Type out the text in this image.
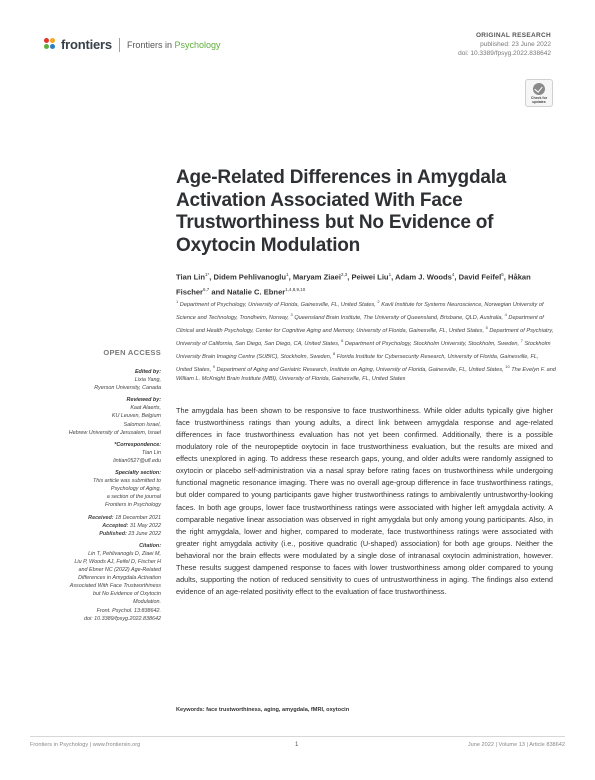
frontiers Frontiers in Psychology
ORIGINAL RESEARCH
published: 23 June 2022
doi: 10.3389/fpsyg.2022.838642
Check for updates
Age-Related Differences in Amygdala Activation Associated With Face Trustworthiness but No Evidence of Oxytocin Modulation
Tian Lin$^{1*}$, Didem Pehlivanoglu$^1$, Maryam Ziaei$^{2,3}$, Peiwei Liu$^1$, Adam J. Woods$^4$, David Feifel$^5$, Håkan Fischer$^{6,7}$ and Natalie C. Ebner$^{1,4,8,9,10}$
$^1$ Department of Psychology, University of Florida, Gainesville, FL, United States, $^2$ Kavli Institute for Systems Neuroscience, Norwegian University of Science and Technology, Trondheim, Norway, $^3$ Queensland Brain Institute, The University of Queensland, Brisbane, QLD, Australia, $^4$ Department of Clinical and Health Psychology, Center for Cognitive Aging and Memory, University of Florida, Gainesville, FL, United States, $^5$ Department of Psychiatry, University of California, San Diego, San Diego, CA, United States, $^6$ Department of Psychology, Stockholm University, Stockholm, Sweden, $^7$ Stockholm University Brain Imaging Centre (SUBIC), Stockholm, Sweden, $^8$ Florida Institute for Cybersecurity Research, University of Florida, Gainesville, FL, United States, $^9$ Department of Aging and Geriatric Research, Institute on Aging, University of Florida, Gainesville, FL, United States, $^{10}$ The Evelyn F. and William L. McKnight Brain Institute (MBI), University of Florida, Gainesville, FL, United States
OPEN ACCESS
Edited by:
Lixia Yang,
Ryerson University, Canada
Reviewed by:
Kaat Alaerts,
KU Leuven, Belgium
Salomon Israel,
Hebrew University of Jerusalem, Israel
*Correspondence:
Tian Lin
lintian0527@ufl.edu
Specialty section:
This article was submitted to
Psychology of Aging,
a section of the journal
Frontiers in Psychology
Received: 18 December 2021
Accepted: 31 May 2022
Published: 23 June 2022
Citation:
Lin T, Pehlivanoglu D, Ziaei M,
Liu P, Woods AJ, Feifel D, Fischer H
and Ebner NC (2022) Age-Related
Differences in Amygdala Activation
Associated With Face Trustworthiness
but No Evidence of Oxytocin
Modulation.
Front. Psychol. 13:838642.
doi: 10.3389/fpsyg.2022.838642
The amygdala has been shown to be responsive to face trustworthiness. While older adults typically give higher face trustworthiness ratings than young adults, a direct link between amygdala response and age-related differences in face trustworthiness evaluation has not yet been confirmed. Additionally, there is a possible modulatory role of the neuropeptide oxytocin in face trustworthiness evaluation, but the results are mixed and effects unexplored in aging. To address these research gaps, young, and older adults were randomly assigned to oxytocin or placebo self-administration via a nasal spray before rating faces on trustworthiness while undergoing functional magnetic resonance imaging. There was no overall age-group difference in face trustworthiness ratings, but older compared to young participants gave higher trustworthiness ratings to ambivalently untrustworthy-looking faces. In both age groups, lower face trustworthiness ratings were associated with higher left amygdala activity. A comparable negative linear association was observed in right amygdala but only among young participants. Also, in the right amygdala, lower and higher, compared to moderate, face trustworthiness ratings were associated with greater right amygdala activity (i.e., positive quadratic (U-shaped) association) for both age groups. Neither the behavioral nor the brain effects were modulated by a single dose of intranasal oxytocin administration, however. These results suggest dampened response to faces with lower trustworthiness among older compared to young adults, supporting the notion of reduced sensitivity to cues of untrustworthiness in aging. The findings also extend evidence of an age-related positivity effect to the evaluation of face trustworthiness.
Keywords: face trustworthiness, aging, amygdala, fMRI, oxytocin
Frontiers in Psychology | www.frontiersin.org	1	June 2022 | Volume 13 | Article 838642
